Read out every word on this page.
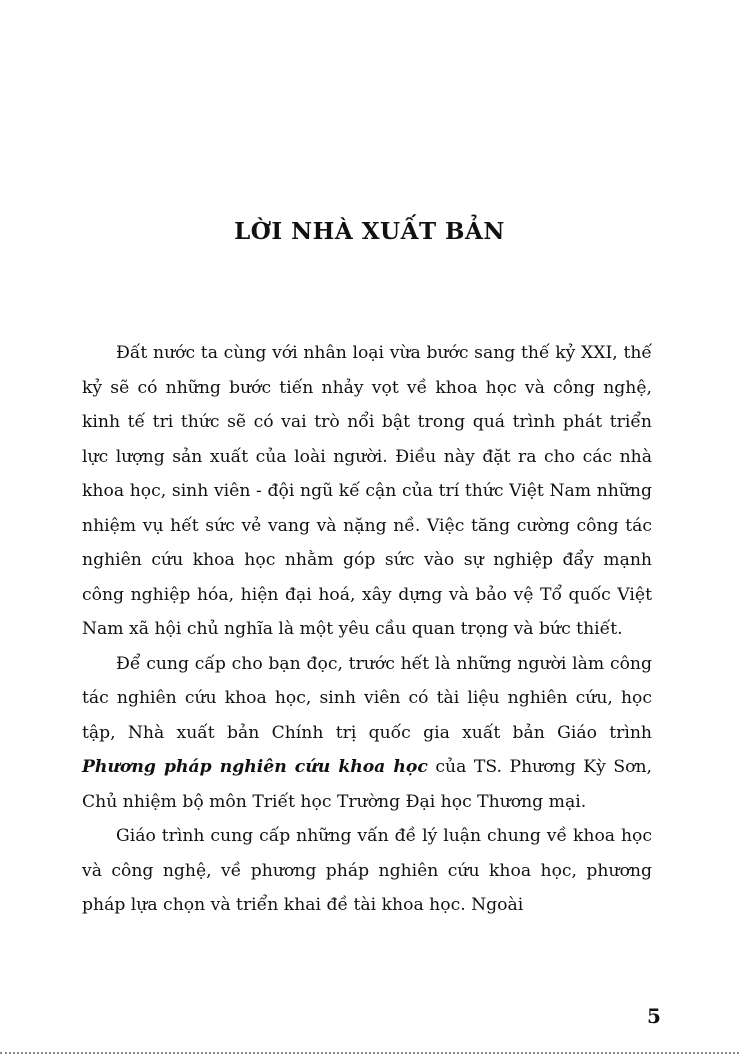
LỜI NHÀ XUẤT BẢN

Đất nước ta cùng với nhân loại vừa bước sang thế kỷ XXI, thế kỷ sẽ có những bước tiến nhảy vọt về khoa học và công nghệ, kinh tế tri thức sẽ có vai trò nổi bật trong quá trình phát triển lực lượng sản xuất của loài người. Điều này đặt ra cho các nhà khoa học, sinh viên - đội ngũ kế cận của trí thức Việt Nam những nhiệm vụ hết sức vẻ vang và nặng nề. Việc tăng cường công tác nghiên cứu khoa học nhằm góp sức vào sự nghiệp đẩy mạnh công nghiệp hóa, hiện đại hoá, xây dựng và bảo vệ Tổ quốc Việt Nam xã hội chủ nghĩa là một yêu cầu quan trọng và bức thiết.

Để cung cấp cho bạn đọc, trước hết là những người làm công tác nghiên cứu khoa học, sinh viên có tài liệu nghiên cứu, học tập, Nhà xuất bản Chính trị quốc gia xuất bản Giáo trình Phương pháp nghiên cứu khoa học của TS. Phương Kỳ Sơn, Chủ nhiệm bộ môn Triết học Trường Đại học Thương mại.

Giáo trình cung cấp những vấn đề lý luận chung về khoa học và công nghệ, về phương pháp nghiên cứu khoa học, phương pháp lựa chọn và triển khai đề tài khoa học. Ngoài

5
